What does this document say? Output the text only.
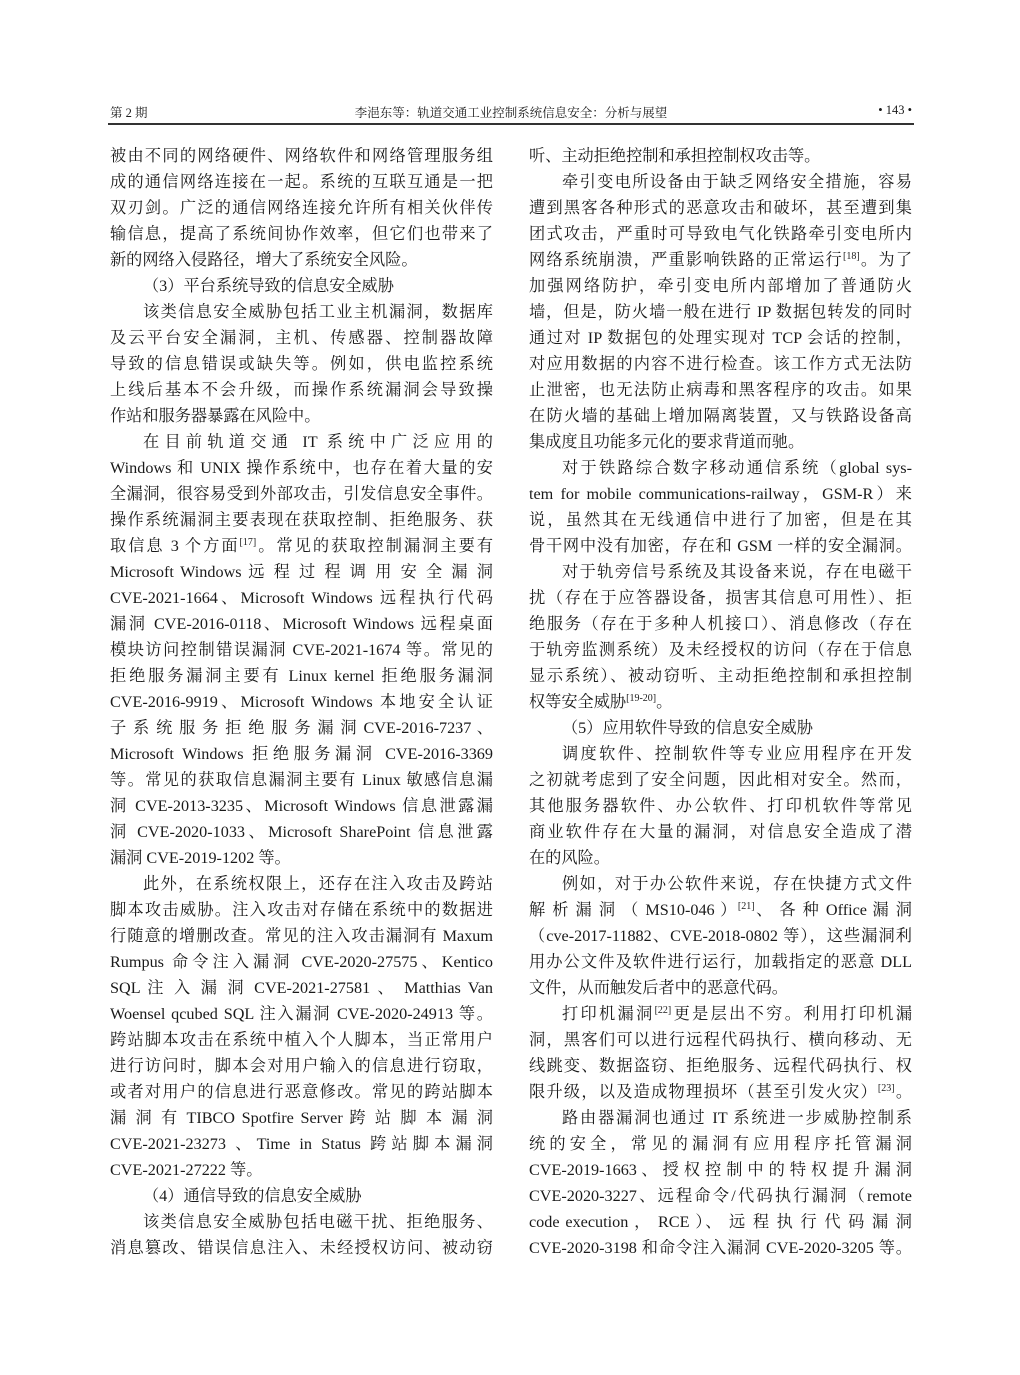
第 2 期	李浥东等：轨道交通工业控制系统信息安全：分析与展望	• 143 •
被由不同的网络硬件、网络软件和网络管理服务组
成的通信网络连接在一起。系统的互联互通是一把
双刃剑。广泛的通信网络连接允许所有相关伙伴传
输信息，提高了系统间协作效率，但它们也带来了
新的网络入侵路径，增大了系统安全风险。
（3）平台系统导致的信息安全威胁
该类信息安全威胁包括工业主机漏洞，数据库
及云平台安全漏洞，主机、传感器、控制器故障
导致的信息错误或缺失等。例如，供电监控系统
上线后基本不会升级，而操作系统漏洞会导致操
作站和服务器暴露在风险中。
在目前轨道交通 IT 系统中广泛应用的
Windows 和 UNIX 操作系统中，也存在着大量的安
全漏洞，很容易受到外部攻击，引发信息安全事件。
操作系统漏洞主要表现在获取控制、拒绝服务、获
取信息 3 个方面[17]。常见的获取控制漏洞主要有
Microsoft Windows 远 程 过 程 调 用 安 全 漏 洞
CVE-2021-1664、Microsoft Windows 远程执行代码
漏洞 CVE-2016-0118、Microsoft Windows 远程桌面
模块访问控制错误漏洞 CVE-2021-1674 等。常见的
拒绝服务漏洞主要有 Linux kernel 拒绝服务漏洞
CVE-2016-9919、Microsoft Windows 本地安全认证
子 系 统 服 务 拒 绝 服 务 漏 洞 CVE-2016-7237 、
Microsoft Windows 拒绝服务漏洞 CVE-2016-3369
等。常见的获取信息漏洞主要有 Linux 敏感信息漏
洞 CVE-2013-3235、Microsoft Windows 信息泄露漏
洞 CVE-2020-1033、Microsoft SharePoint 信息泄露
漏洞 CVE-2019-1202 等。
此外，在系统权限上，还存在注入攻击及跨站
脚本攻击威胁。注入攻击对存储在系统中的数据进
行随意的增删改查。常见的注入攻击漏洞有 Maxum
Rumpus 命令注入漏洞 CVE-2020-27575、Kentico
SQL 注 入 漏 洞 CVE-2021-27581 、 Matthias Van
Woensel qcubed SQL 注入漏洞 CVE-2020-24913 等。
跨站脚本攻击在系统中植入个人脚本，当正常用户
进行访问时，脚本会对用户输入的信息进行窃取，
或者对用户的信息进行恶意修改。常见的跨站脚本
漏 洞 有 TIBCO Spotfire Server 跨 站 脚 本 漏 洞
CVE-2021-23273 、Time in Status 跨站脚本漏洞
CVE-2021-27222 等。
（4）通信导致的信息安全威胁
该类信息安全威胁包括电磁干扰、拒绝服务、
消息篡改、错误信息注入、未经授权访问、被动窃
听、主动拒绝控制和承担控制权攻击等。
牵引变电所设备由于缺乏网络安全措施，容易
遭到黑客各种形式的恶意攻击和破坏，甚至遭到集
团式攻击，严重时可导致电气化铁路牵引变电所内
网络系统崩溃，严重影响铁路的正常运行[18]。为了
加强网络防护，牵引变电所内部增加了普通防火
墙，但是，防火墙一般在进行 IP 数据包转发的同时
通过对 IP 数据包的处理实现对 TCP 会话的控制，
对应用数据的内容不进行检查。该工作方式无法防
止泄密，也无法防止病毒和黑客程序的攻击。如果
在防火墙的基础上增加隔离装置，又与铁路设备高
集成度且功能多元化的要求背道而驰。
对于铁路综合数字移动通信系统（global sys-
tem for mobile communications-railway，GSM-R）来
说，虽然其在无线通信中进行了加密，但是在其
骨干网中没有加密，存在和 GSM 一样的安全漏洞。
对于轨旁信号系统及其设备来说，存在电磁干
扰（存在于应答器设备，损害其信息可用性）、拒
绝服务（存在于多种人机接口）、消息修改（存在
于轨旁监测系统）及未经授权的访问（存在于信息
显示系统）、被动窃听、主动拒绝控制和承担控制
权等安全威胁[19-20]。
（5）应用软件导致的信息安全威胁
调度软件、控制软件等专业应用程序在开发
之初就考虑到了安全问题，因此相对安全。然而，
其他服务器软件、办公软件、打印机软件等常见
商业软件存在大量的漏洞，对信息安全造成了潜
在的风险。
例如，对于办公软件来说，存在快捷方式文件
解 析 漏 洞 （ MS10-046 ）[21]、 各 种 Office 漏 洞
（cve-2017-11882、CVE-2018-0802 等），这些漏洞利
用办公文件及软件进行运行，加载指定的恶意 DLL
文件，从而触发后者中的恶意代码。
打印机漏洞[22]更是层出不穷。利用打印机漏
洞，黑客们可以进行远程代码执行、横向移动、无
线跳变、数据盗窃、拒绝服务、远程代码执行、权
限升级，以及造成物理损坏（甚至引发火灾）[23]。
路由器漏洞也通过 IT 系统进一步威胁控制系
统 的 安 全 ， 常 见 的 漏 洞 有 应 用 程 序 托 管 漏 洞
CVE-2019-1663 、 授 权 控 制 中 的 特 权 提 升 漏 洞
CVE-2020-3227、远程命令/代码执行漏洞（remote
code execution ， RCE ）、 远 程 执 行 代 码 漏 洞
CVE-2020-3198 和命令注入漏洞 CVE-2020-3205 等。
